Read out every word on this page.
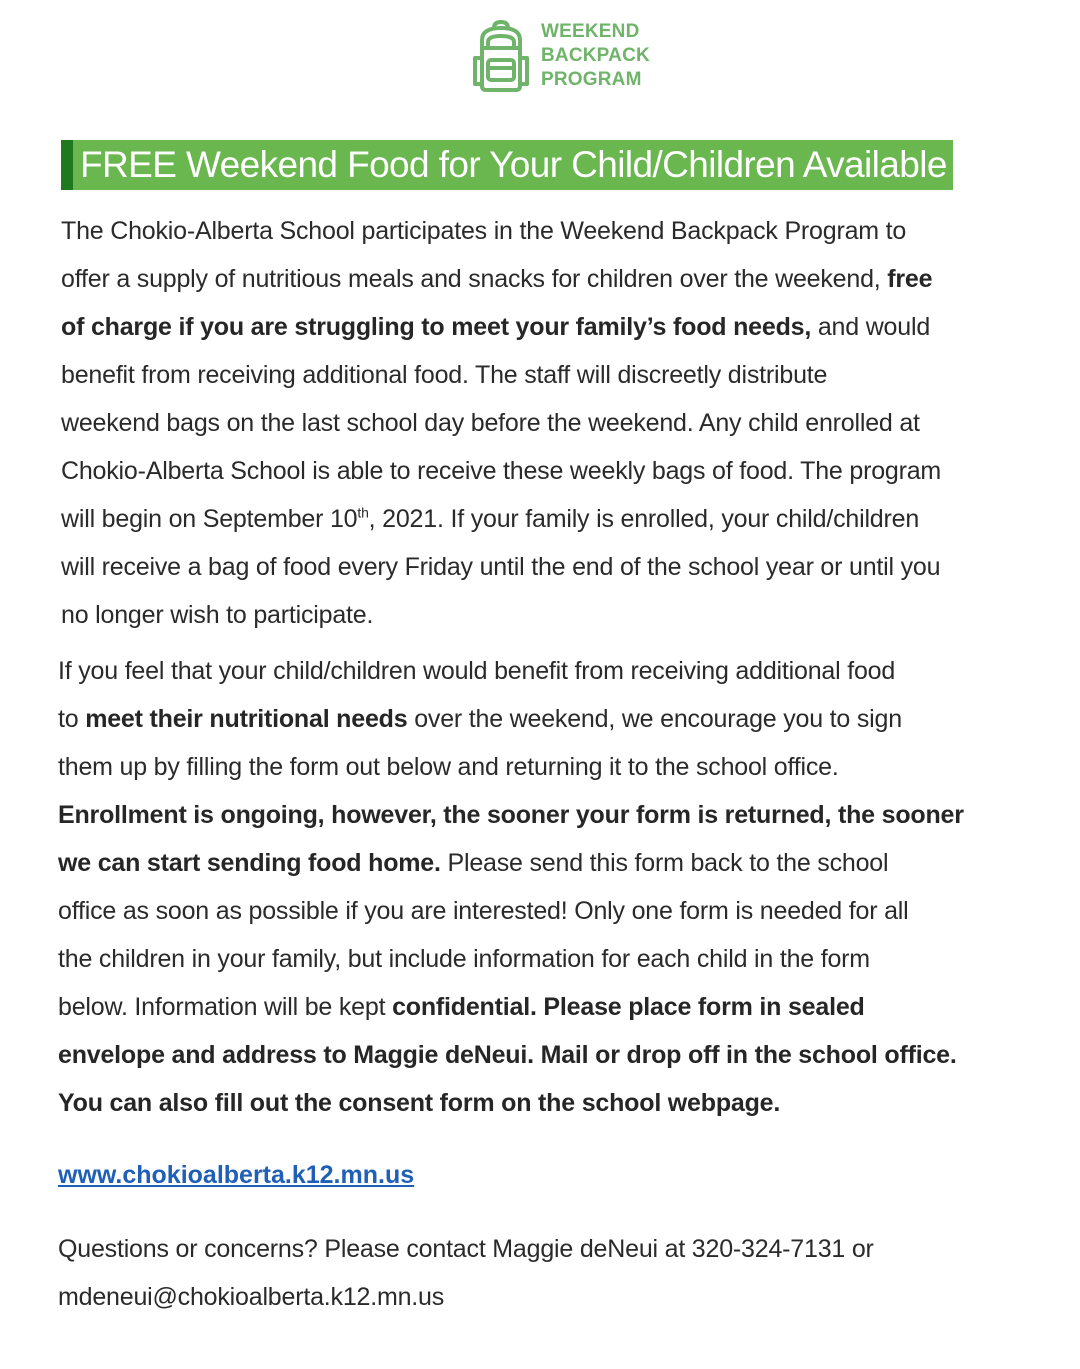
WEEKEND
BACKPACK
PROGRAM
FREE Weekend Food for Your Child/Children Available
The Chokio-Alberta School participates in the Weekend Backpack Program to
offer a supply of nutritious meals and snacks for children over the weekend, free
of charge if you are struggling to meet your family’s food needs, and would
benefit from receiving additional food. The staff will discreetly distribute
weekend bags on the last school day before the weekend. Any child enrolled at
Chokio-Alberta School is able to receive these weekly bags of food. The program
will begin on September 10th, 2021. If your family is enrolled, your child/children
will receive a bag of food every Friday until the end of the school year or until you
no longer wish to participate.
If you feel that your child/children would benefit from receiving additional food
to meet their nutritional needs over the weekend, we encourage you to sign
them up by filling the form out below and returning it to the school office.
Enrollment is ongoing, however, the sooner your form is returned, the sooner
we can start sending food home. Please send this form back to the school
office as soon as possible if you are interested! Only one form is needed for all
the children in your family, but include information for each child in the form
below. Information will be kept confidential. Please place form in sealed
envelope and address to Maggie deNeui. Mail or drop off in the school office.
You can also fill out the consent form on the school webpage.
www.chokioalberta.k12.mn.us
Questions or concerns? Please contact Maggie deNeui at 320-324-7131 or
mdeneui@chokioalberta.k12.mn.us
